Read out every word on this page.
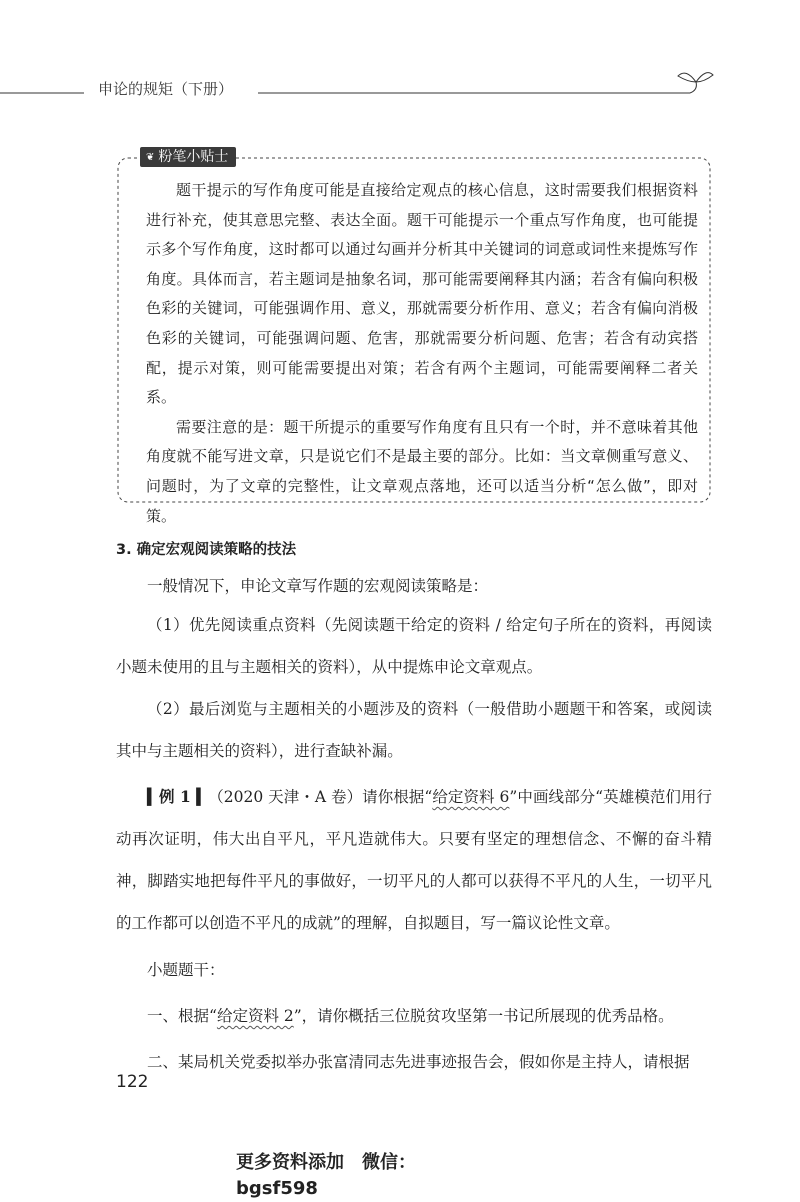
申论的规矩（下册）
❦ 粉笔小贴士

题干提示的写作角度可能是直接给定观点的核心信息，这时需要我们根据资料进行补充，使其意思完整、表达全面。题干可能提示一个重点写作角度，也可能提示多个写作角度，这时都可以通过勾画并分析其中关键词的词意或词性来提炼写作角度。具体而言，若主题词是抽象名词，那可能需要阐释其内涵；若含有偏向积极色彩的关键词，可能强调作用、意义，那就需要分析作用、意义；若含有偏向消极色彩的关键词，可能强调问题、危害，那就需要分析问题、危害；若含有动宾搭配，提示对策，则可能需要提出对策；若含有两个主题词，可能需要阐释二者关系。

需要注意的是：题干所提示的重要写作角度有且只有一个时，并不意味着其他角度就不能写进文章，只是说它们不是最主要的部分。比如：当文章侧重写意义、问题时，为了文章的完整性，让文章观点落地，还可以适当分析“怎么做”，即对策。

3. 确定宏观阅读策略的技法

一般情况下，申论文章写作题的宏观阅读策略是：

（1）优先阅读重点资料（先阅读题干给定的资料 / 给定句子所在的资料，再阅读小题未使用的且与主题相关的资料），从中提炼申论文章观点。

（2）最后浏览与主题相关的小题涉及的资料（一般借助小题题干和答案，或阅读其中与主题相关的资料），进行查缺补漏。

▍例 1 ▍（2020 天津・A 卷）请你根据“给定资料 6”中画线部分“英雄模范们用行动再次证明，伟大出自平凡，平凡造就伟大。只要有坚定的理想信念、不懈的奋斗精神，脚踏实地把每件平凡的事做好，一切平凡的人都可以获得不平凡的人生，一切平凡的工作都可以创造不平凡的成就”的理解，自拟题目，写一篇议论性文章。

小题题干：

一、根据“给定资料 2”，请你概括三位脱贫攻坚第一书记所展现的优秀品格。

二、某局机关党委拟举办张富清同志先进事迹报告会，假如你是主持人，请根据

122
更多资料添加　微信：bgsf598
